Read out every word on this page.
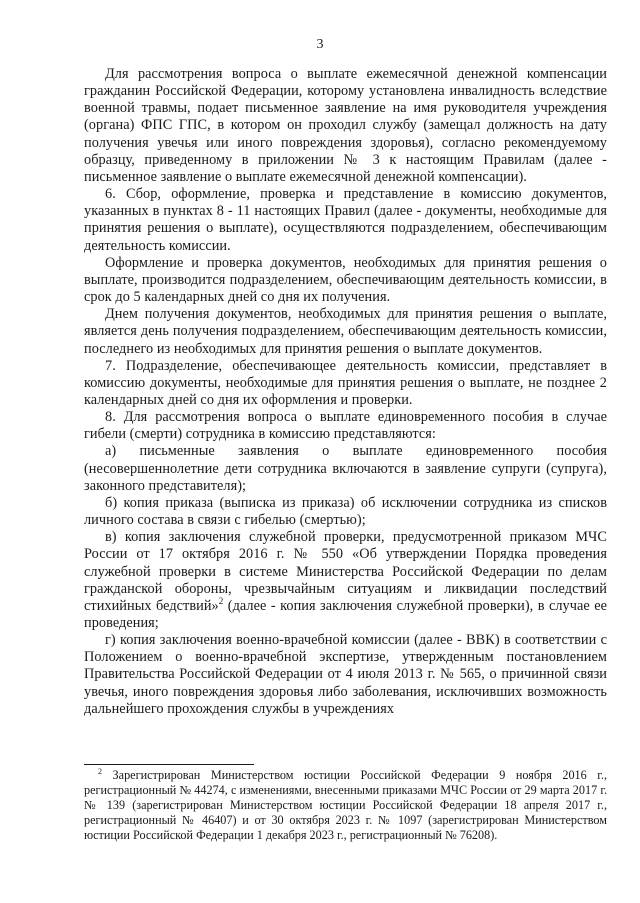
3

Для рассмотрения вопроса о выплате ежемесячной денежной компенсации гражданин Российской Федерации, которому установлена инвалидность вследствие военной травмы, подает письменное заявление на имя руководителя учреждения (органа) ФПС ГПС, в котором он проходил службу (замещал должность на дату получения увечья или иного повреждения здоровья), согласно рекомендуемому образцу, приведенному в приложении № 3 к настоящим Правилам (далее - письменное заявление о выплате ежемесячной денежной компенсации).

6. Сбор, оформление, проверка и представление в комиссию документов, указанных в пунктах 8 - 11 настоящих Правил (далее - документы, необходимые для принятия решения о выплате), осуществляются подразделением, обеспечивающим деятельность комиссии.

Оформление и проверка документов, необходимых для принятия решения о выплате, производится подразделением, обеспечивающим деятельность комиссии, в срок до 5 календарных дней со дня их получения.

Днем получения документов, необходимых для принятия решения о выплате, является день получения подразделением, обеспечивающим деятельность комиссии, последнего из необходимых для принятия решения о выплате документов.

7. Подразделение, обеспечивающее деятельность комиссии, представляет в комиссию документы, необходимые для принятия решения о выплате, не позднее 2 календарных дней со дня их оформления и проверки.

8. Для рассмотрения вопроса о выплате единовременного пособия в случае гибели (смерти) сотрудника в комиссию представляются:

а) письменные заявления о выплате единовременного пособия (несовершеннолетние дети сотрудника включаются в заявление супруги (супруга), законного представителя);

б) копия приказа (выписка из приказа) об исключении сотрудника из списков личного состава в связи с гибелью (смертью);

в) копия заключения служебной проверки, предусмотренной приказом МЧС России от 17 октября 2016 г. № 550 «Об утверждении Порядка проведения служебной проверки в системе Министерства Российской Федерации по делам гражданской обороны, чрезвычайным ситуациям и ликвидации последствий стихийных бедствий»$^2$ (далее - копия заключения служебной проверки), в случае ее проведения;

г) копия заключения военно-врачебной комиссии (далее - ВВК) в соответствии с Положением о военно-врачебной экспертизе, утвержденным постановлением Правительства Российской Федерации от 4 июля 2013 г. № 565, о причинной связи увечья, иного повреждения здоровья либо заболевания, исключивших возможность дальнейшего прохождения службы в учреждениях

$^2$ Зарегистрирован Министерством юстиции Российской Федерации 9 ноября 2016 г., регистрационный № 44274, с изменениями, внесенными приказами МЧС России от 29 марта 2017 г. № 139 (зарегистрирован Министерством юстиции Российской Федерации 18 апреля 2017 г., регистрационный № 46407) и от 30 октября 2023 г. № 1097 (зарегистрирован Министерством юстиции Российской Федерации 1 декабря 2023 г., регистрационный № 76208).
